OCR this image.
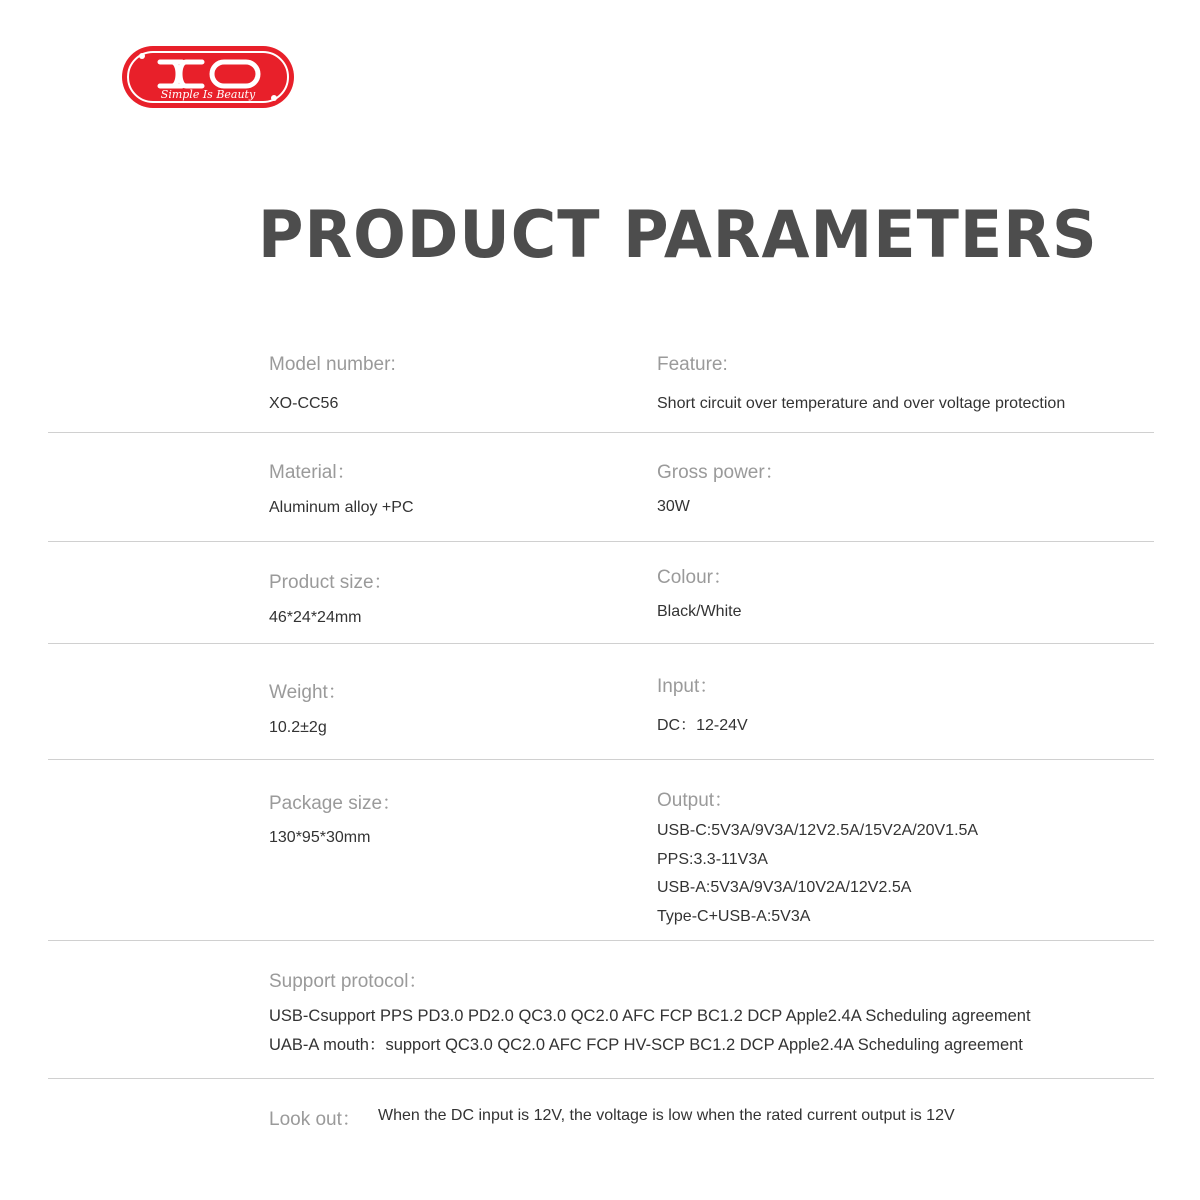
Simple Is Beauty
PRODUCT PARAMETERS
Model number:
XO-CC56
Feature:
Short circuit over temperature and over voltage protection
Material：
Aluminum alloy +PC
Gross power：
30W
Product size：
46*24*24mm
Colour：
Black/White
Weight：
10.2±2g
Input：
DC：12-24V
Package size：
130*95*30mm
Output：
USB-C:5V3A/9V3A/12V2.5A/15V2A/20V1.5A
PPS:3.3-11V3A
USB-A:5V3A/9V3A/10V2A/12V2.5A
Type-C+USB-A:5V3A
Support protocol：
USB-Csupport PPS PD3.0 PD2.0 QC3.0 QC2.0 AFC FCP BC1.2 DCP Apple2.4A Scheduling agreement
UAB-A mouth：support QC3.0 QC2.0 AFC FCP HV-SCP BC1.2 DCP Apple2.4A Scheduling agreement
Look out： When the DC input is 12V, the voltage is low when the rated current output is 12V
